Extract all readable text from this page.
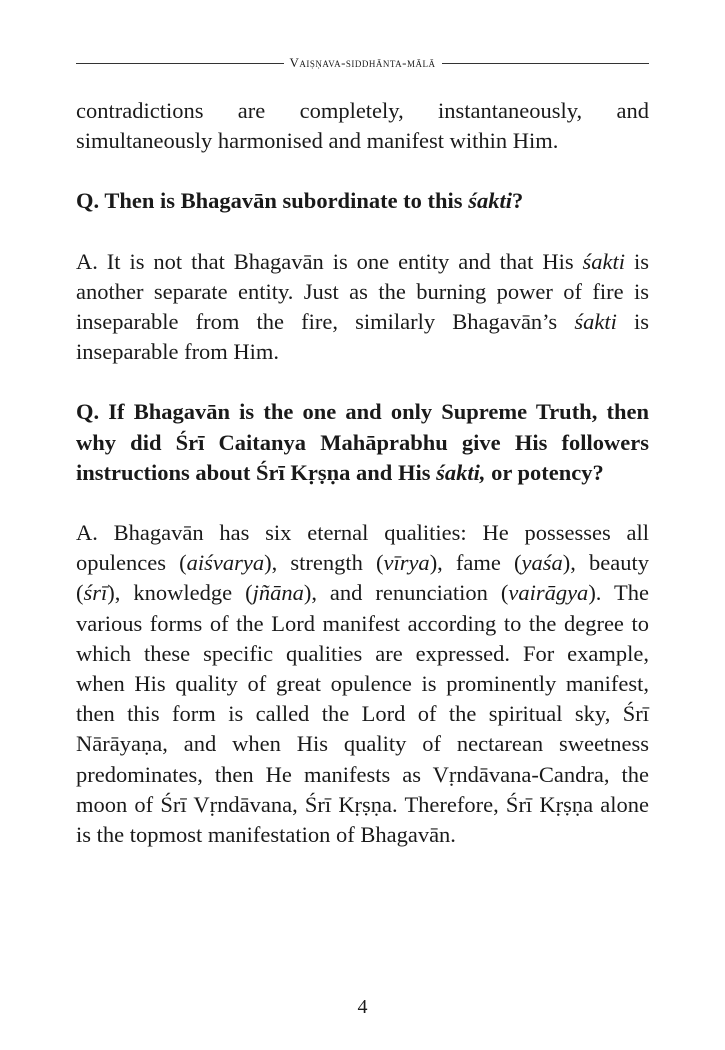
Vaiṣṇava-siddhānta-mālā

contradictions are completely, instantaneously, and simultaneously harmonised and manifest within Him.

Q. Then is Bhagavān subordinate to this śakti?

A. It is not that Bhagavān is one entity and that His śakti is another separate entity. Just as the burning power of fire is inseparable from the fire, similarly Bhagavān’s śakti is inseparable from Him.

Q. If Bhagavān is the one and only Supreme Truth, then why did Śrī Caitanya Mahāprabhu give His followers instructions about Śrī Kṛṣṇa and His śakti, or potency?

A. Bhagavān has six eternal qualities: He possesses all opulences (aiśvarya), strength (vīrya), fame (yaśa), beauty (śrī), knowledge (jñāna), and renunciation (vairāgya). The various forms of the Lord manifest according to the degree to which these specific qualities are expressed. For example, when His quality of great opulence is prominently manifest, then this form is called the Lord of the spiritual sky, Śrī Nārāyaṇa, and when His quality of nectarean sweetness predominates, then He manifests as Vṛndāvana-Candra, the moon of Śrī Vṛndāvana, Śrī Kṛṣṇa. Therefore, Śrī Kṛṣṇa alone is the topmost manifestation of Bhagavān.

4
